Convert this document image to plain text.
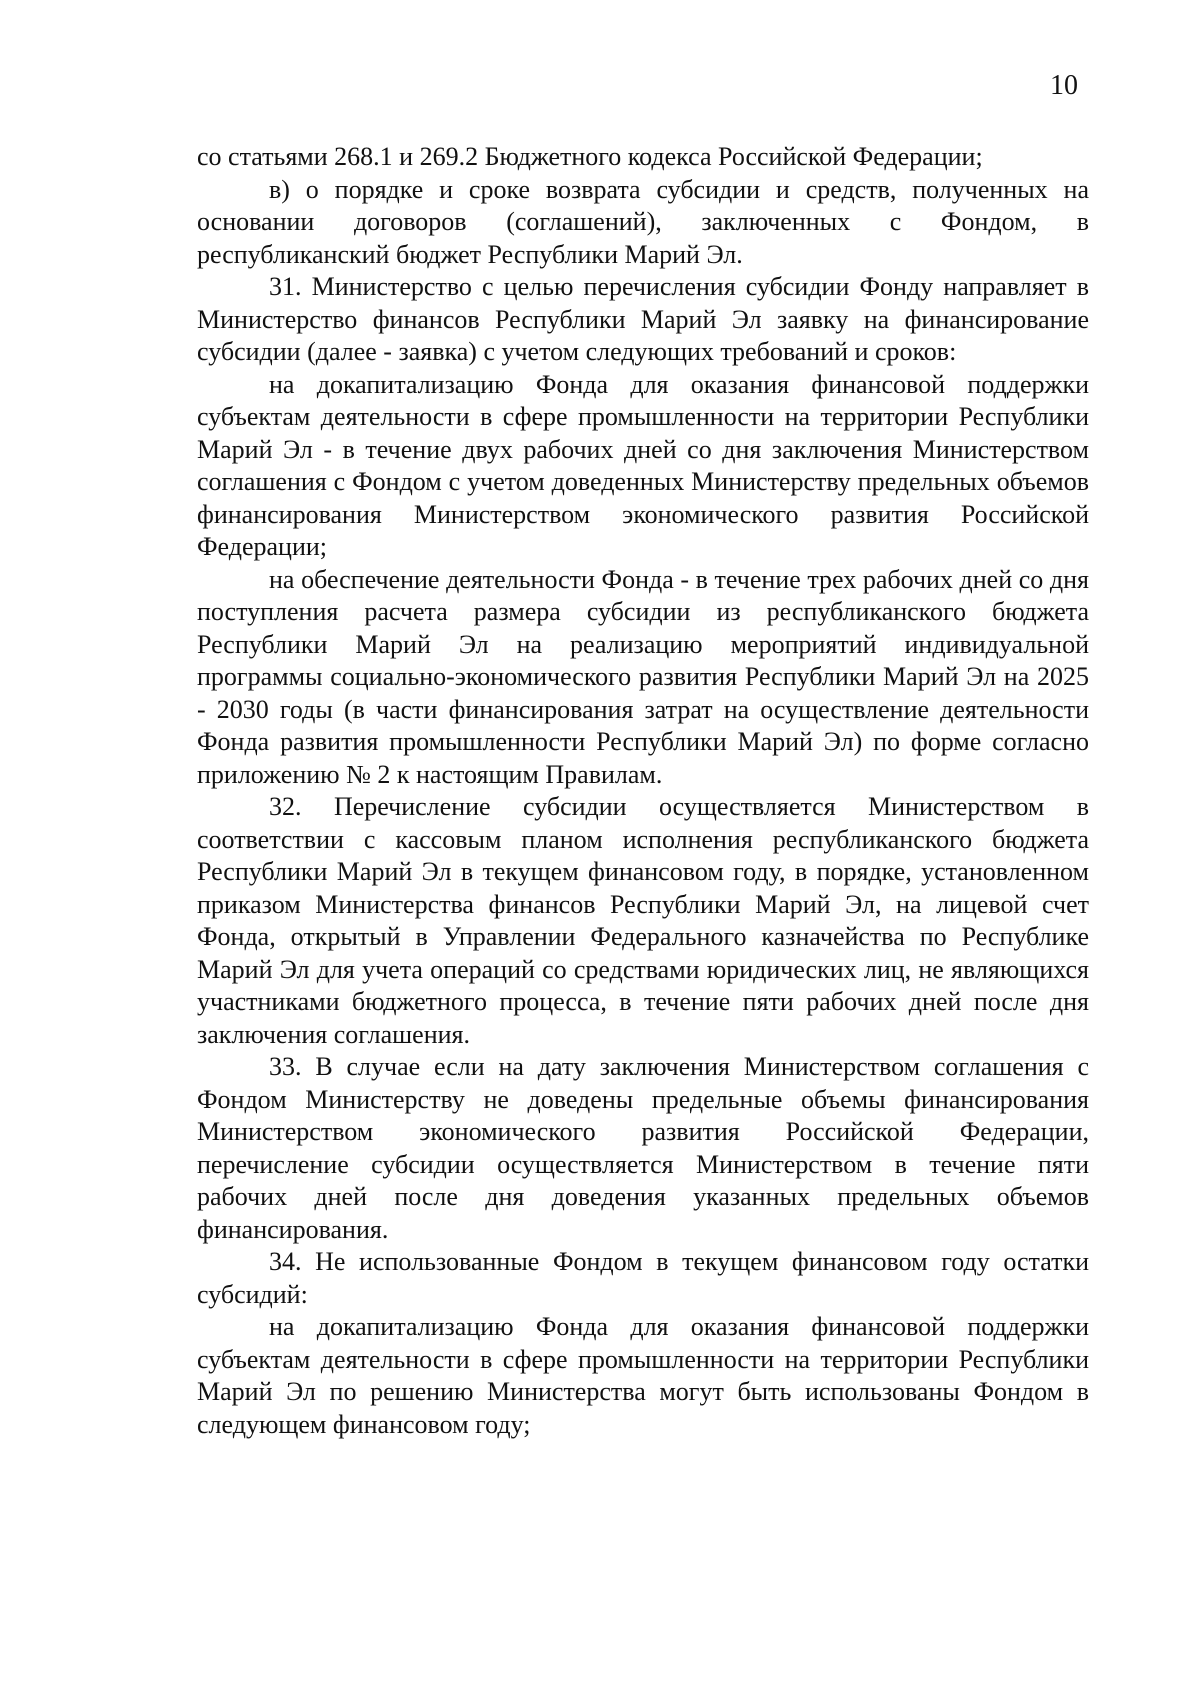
10

со статьями 268.1 и 269.2 Бюджетного кодекса Российской Федерации;

в) о порядке и сроке возврата субсидии и средств, полученных на основании договоров (соглашений), заключенных с Фондом, в республиканский бюджет Республики Марий Эл.

31. Министерство с целью перечисления субсидии Фонду направляет в Министерство финансов Республики Марий Эл заявку на финансирование субсидии (далее - заявка) с учетом следующих требований и сроков:

на докапитализацию Фонда для оказания финансовой поддержки субъектам деятельности в сфере промышленности на территории Республики Марий Эл - в течение двух рабочих дней со дня заключения Министерством соглашения с Фондом с учетом доведенных Министерству предельных объемов финансирования Министерством экономического развития Российской Федерации;

на обеспечение деятельности Фонда - в течение трех рабочих дней со дня поступления расчета размера субсидии из республиканского бюджета Республики Марий Эл на реализацию мероприятий индивидуальной программы социально-экономического развития Республики Марий Эл на 2025 - 2030 годы (в части финансирования затрат на осуществление деятельности Фонда развития промышленности Республики Марий Эл) по форме согласно приложению № 2 к настоящим Правилам.

32. Перечисление субсидии осуществляется Министерством в соответствии с кассовым планом исполнения республиканского бюджета Республики Марий Эл в текущем финансовом году, в порядке, установленном приказом Министерства финансов Республики Марий Эл, на лицевой счет Фонда, открытый в Управлении Федерального казначейства по Республике Марий Эл для учета операций со средствами юридических лиц, не являющихся участниками бюджетного процесса, в течение пяти рабочих дней после дня заключения соглашения.

33. В случае если на дату заключения Министерством соглашения с Фондом Министерству не доведены предельные объемы финансирования Министерством экономического развития Российской Федерации, перечисление субсидии осуществляется Министерством в течение пяти рабочих дней после дня доведения указанных предельных объемов финансирования.

34. Не использованные Фондом в текущем финансовом году остатки субсидий:

на докапитализацию Фонда для оказания финансовой поддержки субъектам деятельности в сфере промышленности на территории Республики Марий Эл по решению Министерства могут быть использованы Фондом в следующем финансовом году;
